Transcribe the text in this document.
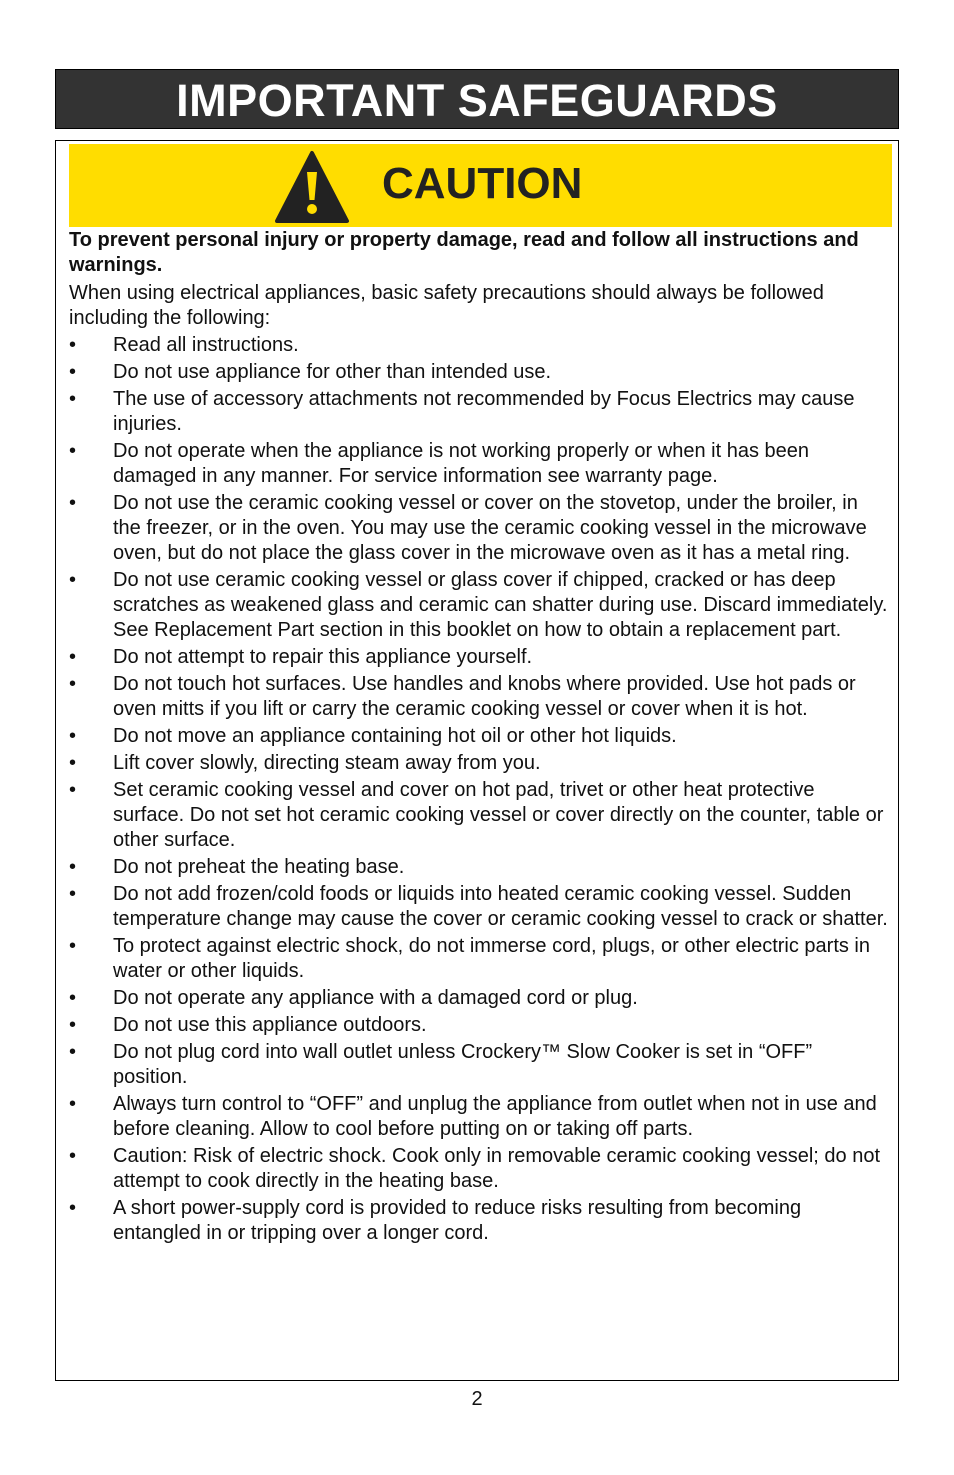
IMPORTANT SAFEGUARDS
CAUTION

To prevent personal injury or property damage, read and follow all instructions and warnings.

When using electrical appliances, basic safety precautions should always be followed including the following:

• Read all instructions.
• Do not use appliance for other than intended use.
• The use of accessory attachments not recommended by Focus Electrics may cause injuries.
• Do not operate when the appliance is not working properly or when it has been damaged in any manner. For service information see warranty page.
• Do not use the ceramic cooking vessel or cover on the stovetop, under the broiler, in the freezer, or in the oven. You may use the ceramic cooking vessel in the microwave oven, but do not place the glass cover in the microwave oven as it has a metal ring.
• Do not use ceramic cooking vessel or glass cover if chipped, cracked or has deep scratches as weakened glass and ceramic can shatter during use. Discard immediately. See Replacement Part section in this booklet on how to obtain a replacement part.
• Do not attempt to repair this appliance yourself.
• Do not touch hot surfaces. Use handles and knobs where provided. Use hot pads or oven mitts if you lift or carry the ceramic cooking vessel or cover when it is hot.
• Do not move an appliance containing hot oil or other hot liquids.
• Lift cover slowly, directing steam away from you.
• Set ceramic cooking vessel and cover on hot pad, trivet or other heat protective surface. Do not set hot ceramic cooking vessel or cover directly on the counter, table or other surface.
• Do not preheat the heating base.
• Do not add frozen/cold foods or liquids into heated ceramic cooking vessel. Sudden temperature change may cause the cover or ceramic cooking vessel to crack or shatter.
• To protect against electric shock, do not immerse cord, plugs, or other electric parts in water or other liquids.
• Do not operate any appliance with a damaged cord or plug.
• Do not use this appliance outdoors.
• Do not plug cord into wall outlet unless Crockery™ Slow Cooker is set in “OFF” position.
• Always turn control to “OFF” and unplug the appliance from outlet when not in use and before cleaning. Allow to cool before putting on or taking off parts.
• Caution: Risk of electric shock. Cook only in removable ceramic cooking vessel; do not attempt to cook directly in the heating base.
• A short power-supply cord is provided to reduce risks resulting from becoming entangled in or tripping over a longer cord.
2
